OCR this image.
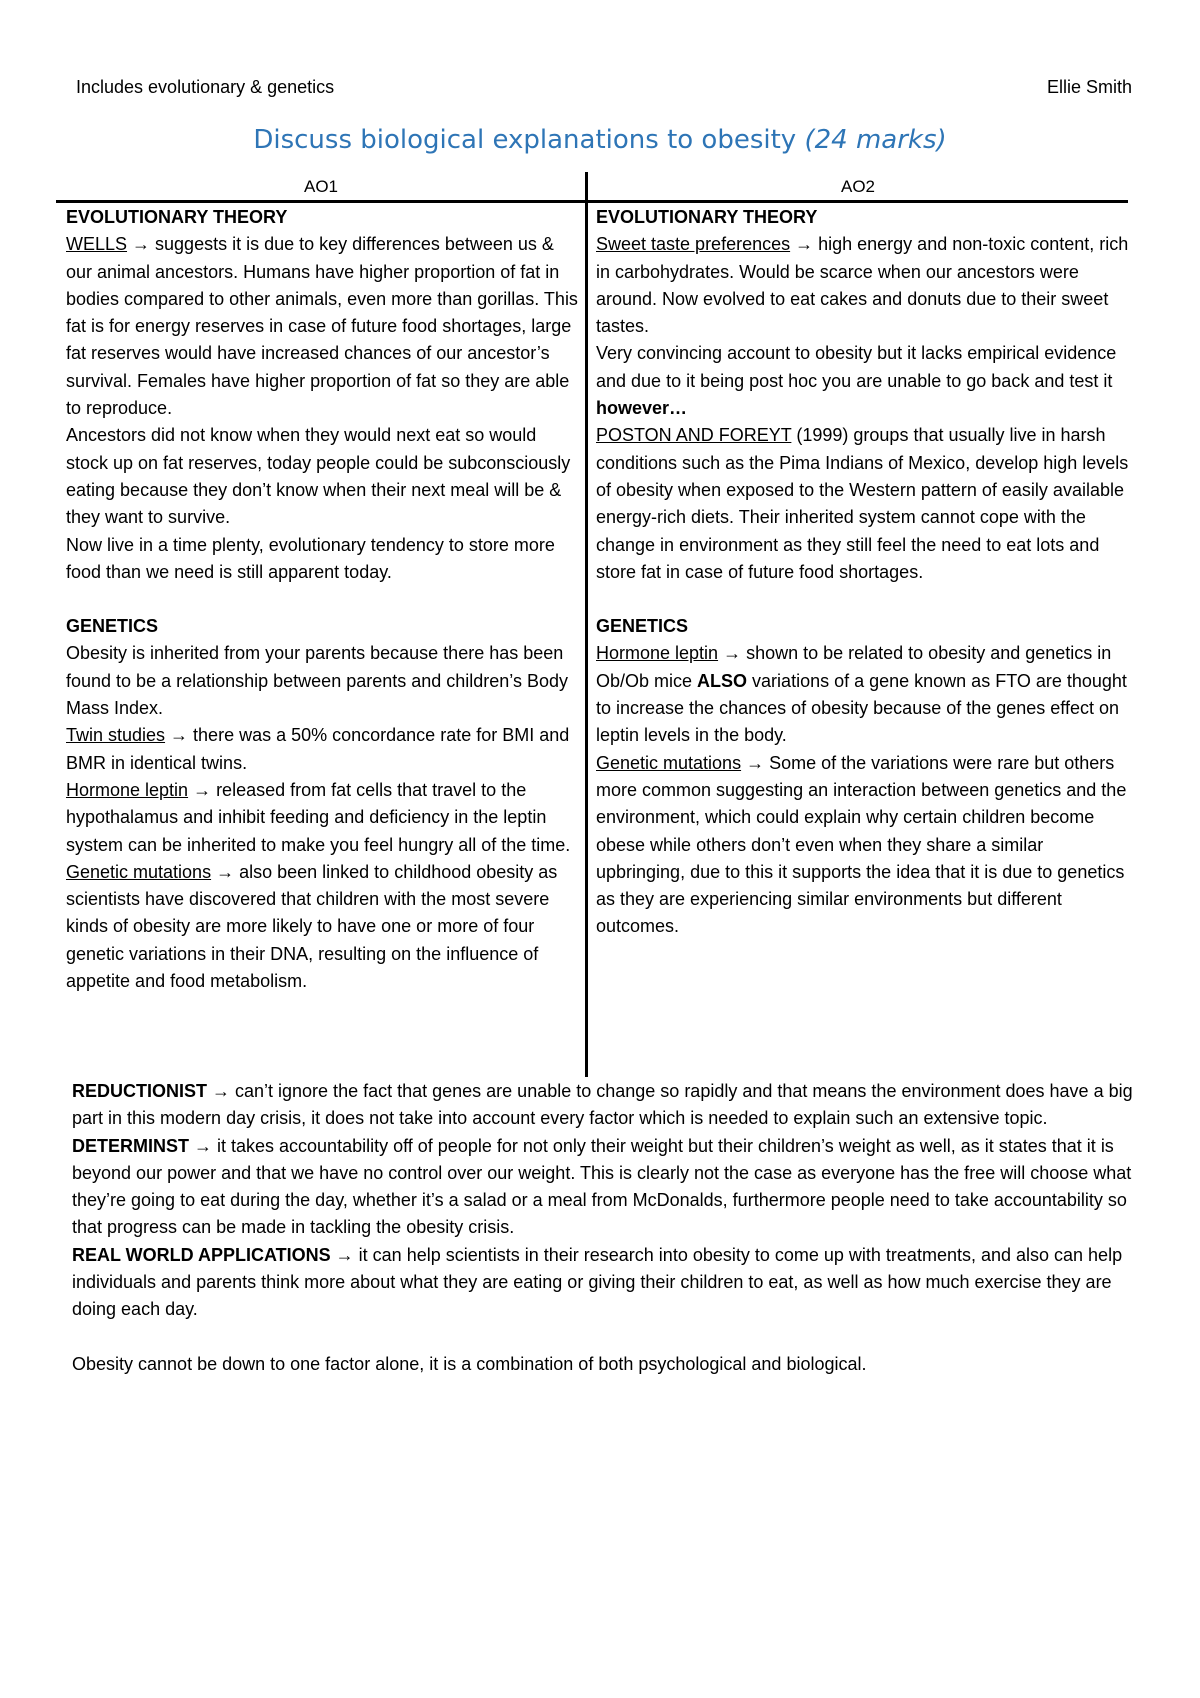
Includes evolutionary & genetics	Ellie Smith
Discuss biological explanations to obesity (24 marks)
AO1	AO2

EVOLUTIONARY THEORY

WELLS → suggests it is due to key differences between us & our animal ancestors. Humans have higher proportion of fat in bodies compared to other animals, even more than gorillas. This fat is for energy reserves in case of future food shortages, large fat reserves would have increased chances of our ancestor’s survival. Females have higher proportion of fat so they are able to reproduce.

Ancestors did not know when they would next eat so would stock up on fat reserves, today people could be subconsciously eating because they don’t know when their next meal will be & they want to survive.

Now live in a time plenty, evolutionary tendency to store more food than we need is still apparent today.

GENETICS

Obesity is inherited from your parents because there has been found to be a relationship between parents and children’s Body Mass Index.

Twin studies → there was a 50% concordance rate for BMI and BMR in identical twins.

Hormone leptin → released from fat cells that travel to the hypothalamus and inhibit feeding and deficiency in the leptin system can be inherited to make you feel hungry all of the time.

Genetic mutations → also been linked to childhood obesity as scientists have discovered that children with the most severe kinds of obesity are more likely to have one or more of four genetic variations in their DNA, resulting on the influence of appetite and food metabolism.

EVOLUTIONARY THEORY

Sweet taste preferences → high energy and non-toxic content, rich in carbohydrates. Would be scarce when our ancestors were around. Now evolved to eat cakes and donuts due to their sweet tastes.

Very convincing account to obesity but it lacks empirical evidence and due to it being post hoc you are unable to go back and test it however…

POSTON AND FOREYT (1999) groups that usually live in harsh conditions such as the Pima Indians of Mexico, develop high levels of obesity when exposed to the Western pattern of easily available energy-rich diets. Their inherited system cannot cope with the change in environment as they still feel the need to eat lots and store fat in case of future food shortages.

GENETICS

Hormone leptin → shown to be related to obesity and genetics in Ob/Ob mice ALSO variations of a gene known as FTO are thought to increase the chances of obesity because of the genes effect on leptin levels in the body.

Genetic mutations → Some of the variations were rare but others more common suggesting an interaction between genetics and the environment, which could explain why certain children become obese while others don’t even when they share a similar upbringing, due to this it supports the idea that it is due to genetics as they are experiencing similar environments but different outcomes.

REDUCTIONIST → can’t ignore the fact that genes are unable to change so rapidly and that means the environment does have a big part in this modern day crisis, it does not take into account every factor which is needed to explain such an extensive topic.

DETERMINST → it takes accountability off of people for not only their weight but their children’s weight as well, as it states that it is beyond our power and that we have no control over our weight. This is clearly not the case as everyone has the free will choose what they’re going to eat during the day, whether it’s a salad or a meal from McDonalds, furthermore people need to take accountability so that progress can be made in tackling the obesity crisis.

REAL WORLD APPLICATIONS → it can help scientists in their research into obesity to come up with treatments, and also can help individuals and parents think more about what they are eating or giving their children to eat, as well as how much exercise they are doing each day.

Obesity cannot be down to one factor alone, it is a combination of both psychological and biological.
